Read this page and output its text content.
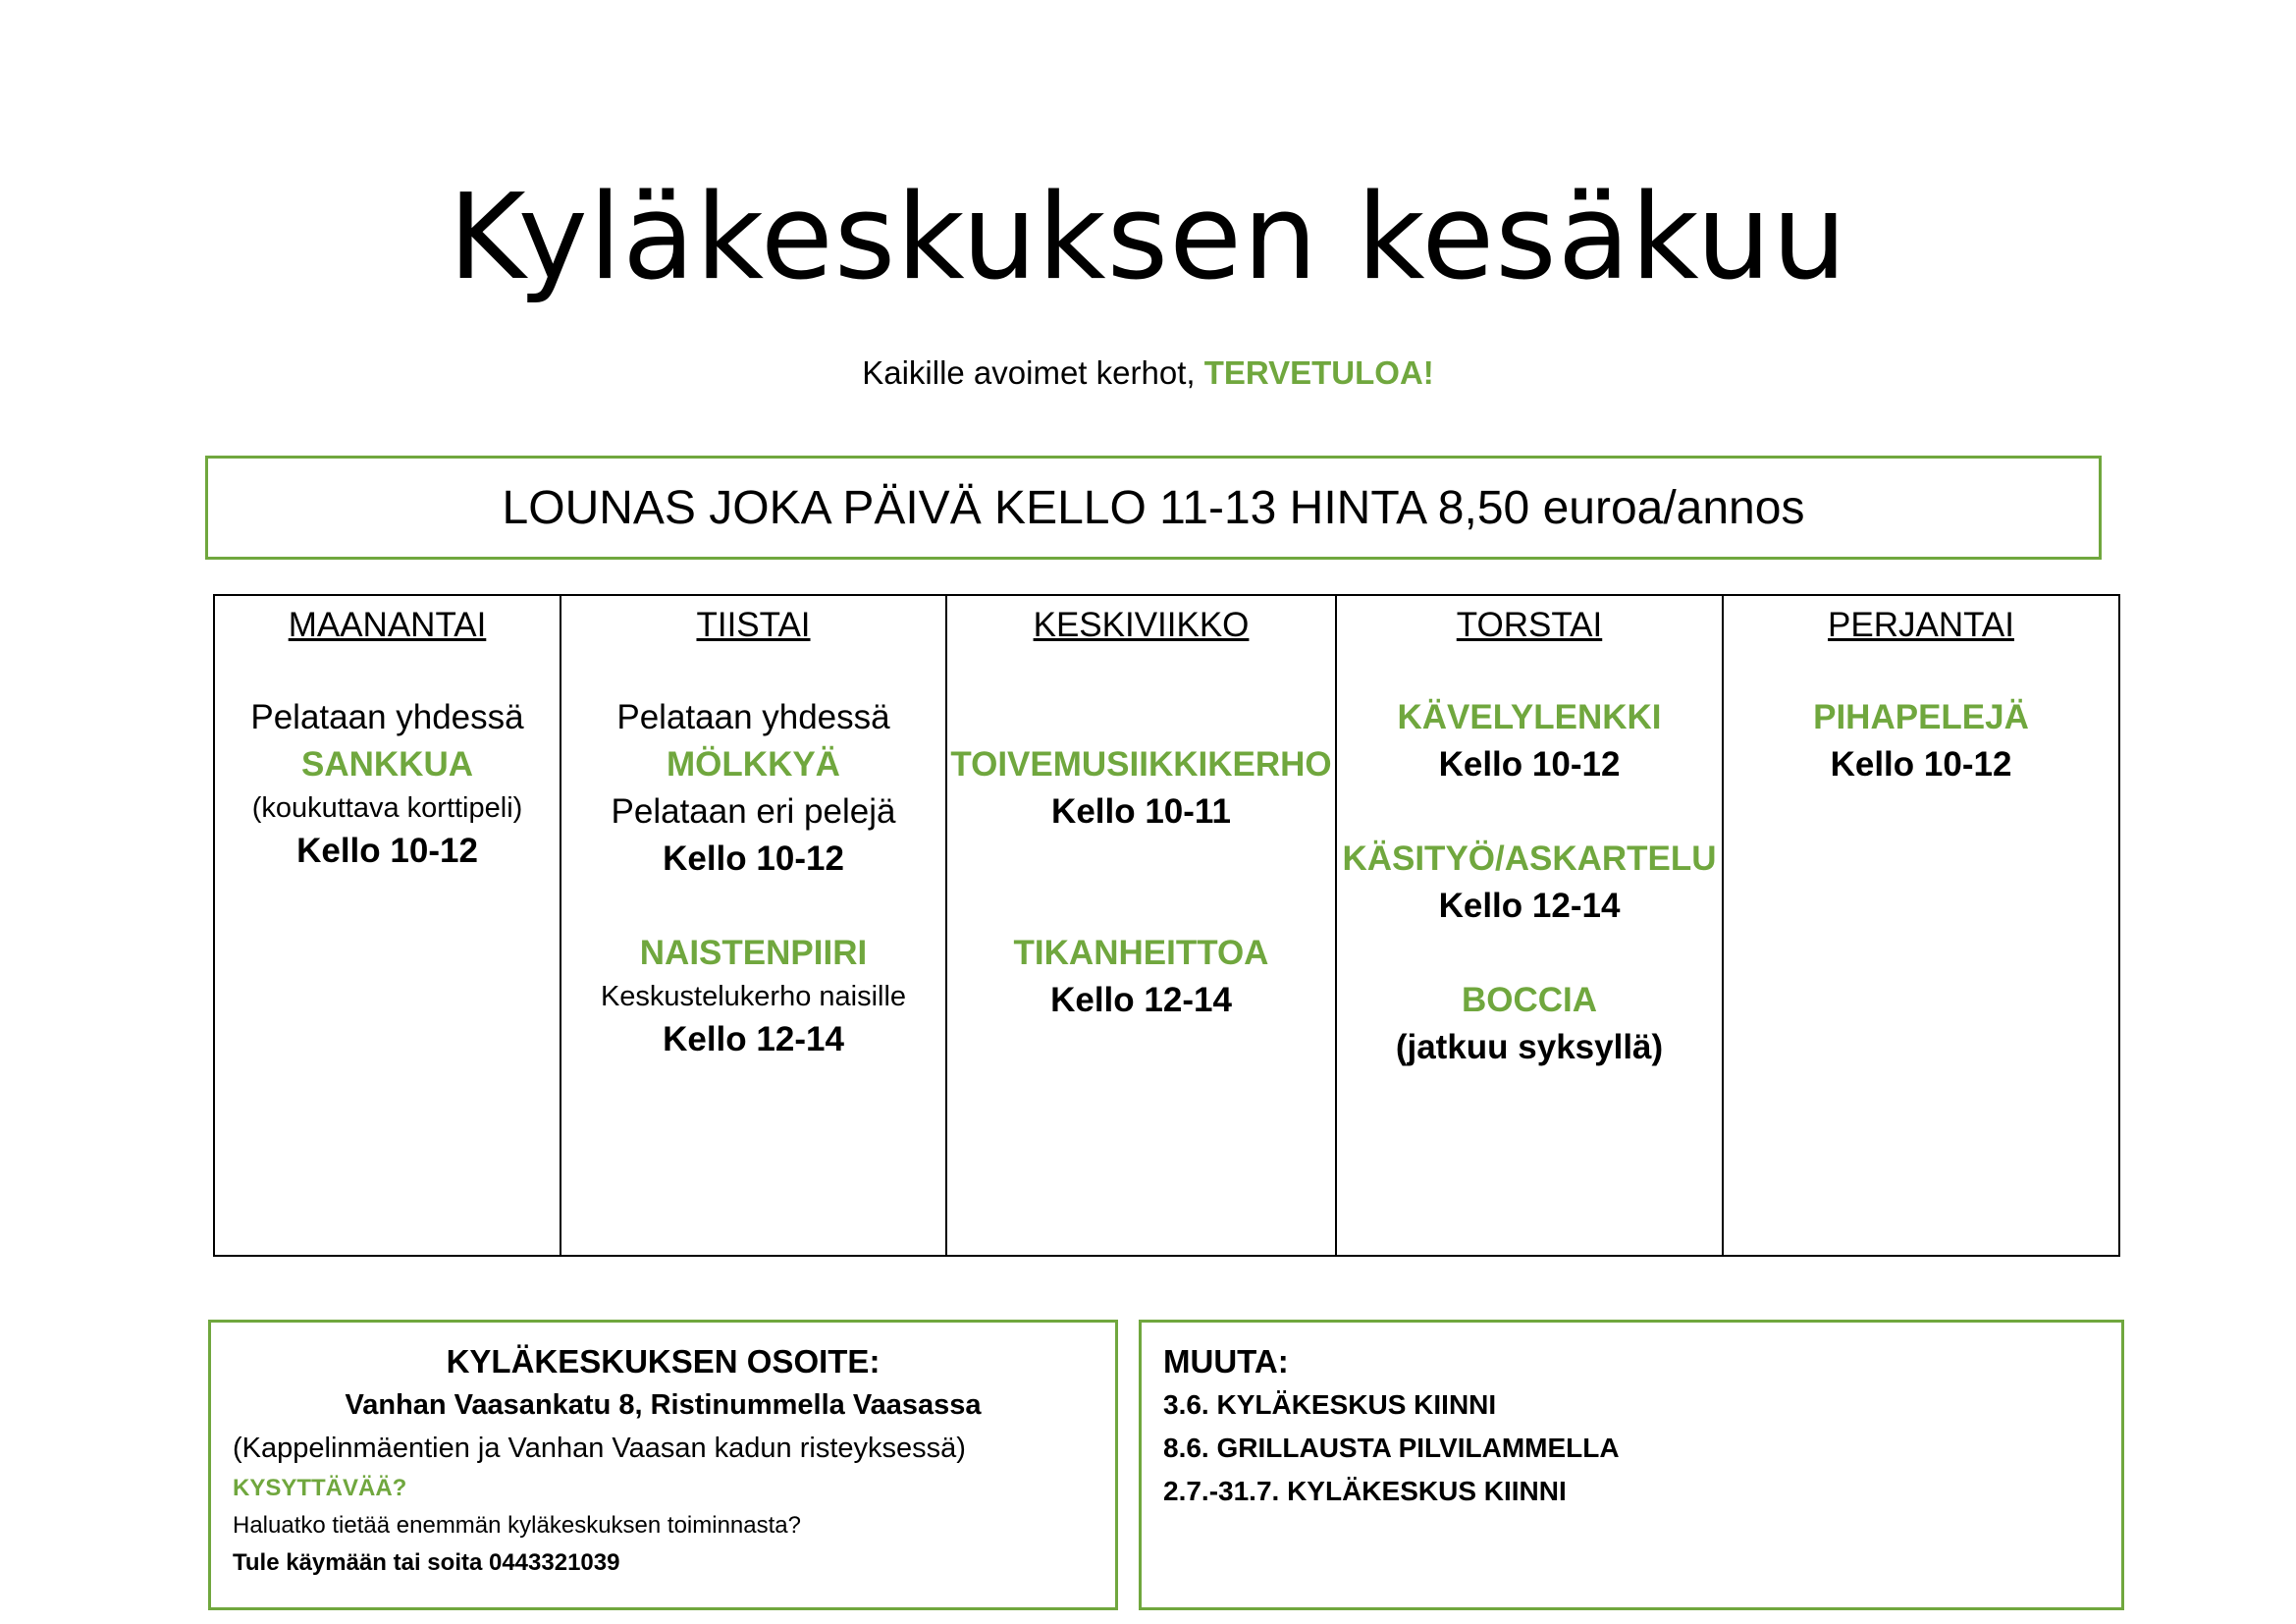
Kyläkeskuksen kesäkuu
Kaikille avoimet kerhot, TERVETULOA!
LOUNAS JOKA PÄIVÄ KELLO 11-13 HINTA 8,50 euroa/annos
MAANANTAI
Pelataan yhdessä
SANKKUA
(koukuttava korttipeli)
Kello 10-12

TIISTAI
Pelataan yhdessä
MÖLKKYÄ
Pelataan eri pelejä
Kello 10-12
NAISTENPIIRI
Keskustelukerho naisille
Kello 12-14

KESKIVIIKKO
TOIVEMUSIIKKIKERHO
Kello 10-11
TIKANHEITTOA
Kello 12-14

TORSTAI
KÄVELYLENKKI
Kello 10-12
KÄSITYÖ/ASKARTELU
Kello 12-14
BOCCIA
(jatkuu syksyllä)

PERJANTAI
PIHAPELEJÄ
Kello 10-12
KYLÄKESKUKSEN OSOITE:
Vanhan Vaasankatu 8, Ristinummella Vaasassa
(Kappelinmäentien ja Vanhan Vaasan kadun risteyksessä)
KYSYTTÄVÄÄ?
Haluatko tietää enemmän kyläkeskuksen toiminnasta?
Tule käymään tai soita 0443321039
MUUTA:
3.6. KYLÄKESKUS KIINNI
8.6. GRILLAUSTA PILVILAMMELLA
2.7.-31.7. KYLÄKESKUS KIINNI
